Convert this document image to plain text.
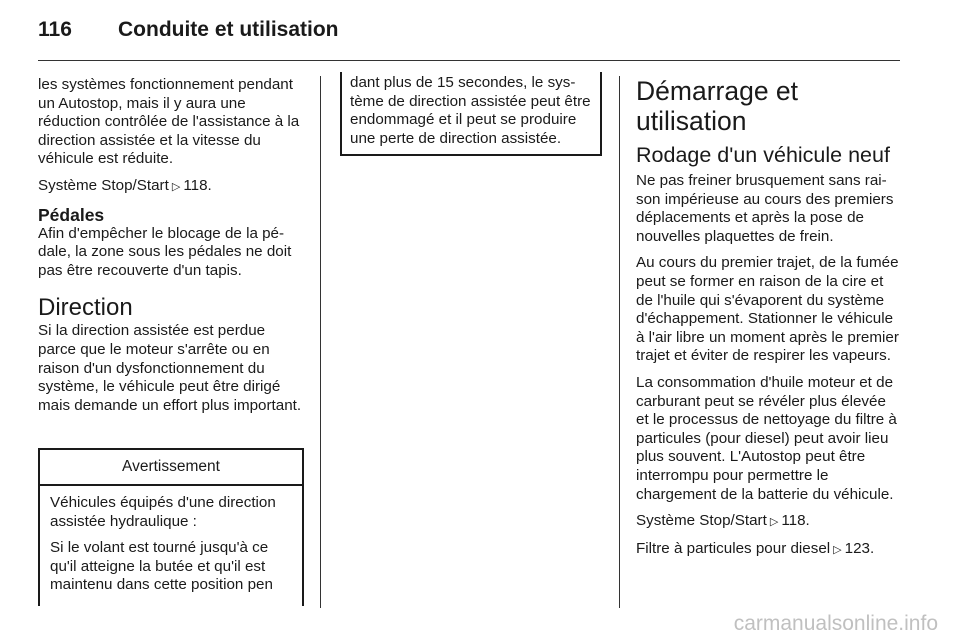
116 Conduite et utilisation

les systèmes fonctionnement pendant un Autostop, mais il y aura une réduction contrôlée de l'assistance à la direction assistée et la vitesse du véhicule est réduite.

Système Stop/Start ▷ 118.

Pédales

Afin d'empêcher le blocage de la pédale, la zone sous les pédales ne doit pas être recouverte d'un tapis.

Direction

Si la direction assistée est perdue parce que le moteur s'arrête ou en raison d'un dysfonctionnement du système, le véhicule peut être dirigé mais demande un effort plus important.

Avertissement

Véhicules équipés d'une direction assistée hydraulique :

Si le volant est tourné jusqu'à ce qu'il atteigne la butée et qu'il est maintenu dans cette position pen

dant plus de 15 secondes, le système de direction assistée peut être endommagé et il peut se produire une perte de direction assistée.

Démarrage et utilisation
Rodage d'un véhicule neuf

Ne pas freiner brusquement sans raison impérieuse au cours des premiers déplacements et après la pose de nouvelles plaquettes de frein.

Au cours du premier trajet, de la fumée peut se former en raison de la cire et de l'huile qui s'évaporent du système d'échappement. Stationner le véhicule à l'air libre un moment après le premier trajet et éviter de respirer les vapeurs.

La consommation d'huile moteur et de carburant peut se révéler plus élevée et le processus de nettoyage du filtre à particules (pour diesel) peut avoir lieu plus souvent. L'Autostop peut être interrompu pour permettre le chargement de la batterie du véhicule.

Système Stop/Start ▷ 118.

Filtre à particules pour diesel ▷ 123.

carmanualsonline.info
